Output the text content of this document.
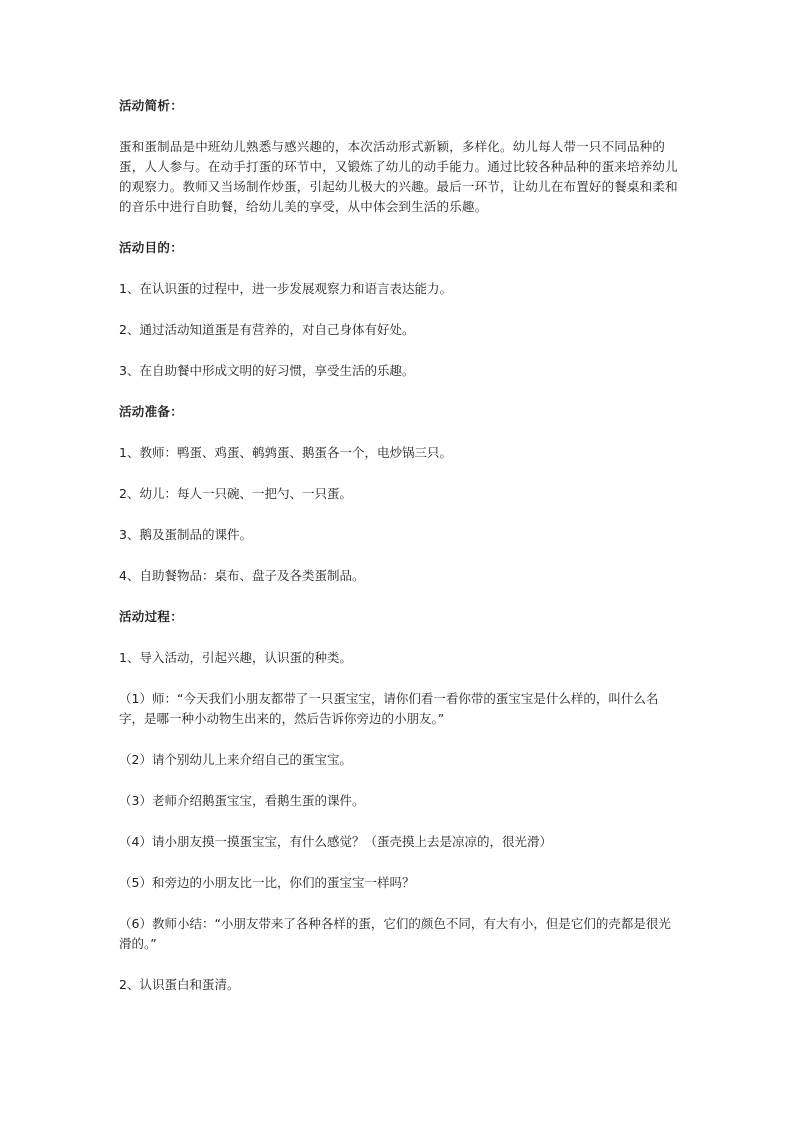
活动简析：
蛋和蛋制品是中班幼儿熟悉与感兴趣的，本次活动形式新颖，多样化。幼儿每人带一只不同品种的蛋，人人参与。在动手打蛋的环节中，又锻炼了幼儿的动手能力。通过比较各种品种的蛋来培养幼儿的观察力。教师又当场制作炒蛋，引起幼儿极大的兴趣。最后一环节，让幼儿在布置好的餐桌和柔和的音乐中进行自助餐，给幼儿美的享受，从中体会到生活的乐趣。
活动目的：
1、在认识蛋的过程中，进一步发展观察力和语言表达能力。
2、通过活动知道蛋是有营养的，对自己身体有好处。
3、在自助餐中形成文明的好习惯，享受生活的乐趣。
活动准备：
1、教师：鸭蛋、鸡蛋、鹌鹑蛋、鹅蛋各一个，电炒锅三只。
2、幼儿：每人一只碗、一把勺、一只蛋。
3、鹅及蛋制品的课件。
4、自助餐物品：桌布、盘子及各类蛋制品。
活动过程：
1、导入活动，引起兴趣，认识蛋的种类。
（1）师：“今天我们小朋友都带了一只蛋宝宝，请你们看一看你带的蛋宝宝是什么样的，叫什么名字，是哪一种小动物生出来的，然后告诉你旁边的小朋友。”
（2）请个别幼儿上来介绍自己的蛋宝宝。
（3）老师介绍鹅蛋宝宝，看鹅生蛋的课件。
（4）请小朋友摸一摸蛋宝宝，有什么感觉？（蛋壳摸上去是凉凉的，很光滑）
（5）和旁边的小朋友比一比，你们的蛋宝宝一样吗？
（6）教师小结：“小朋友带来了各种各样的蛋，它们的颜色不同，有大有小，但是它们的壳都是很光滑的。”
2、认识蛋白和蛋清。
